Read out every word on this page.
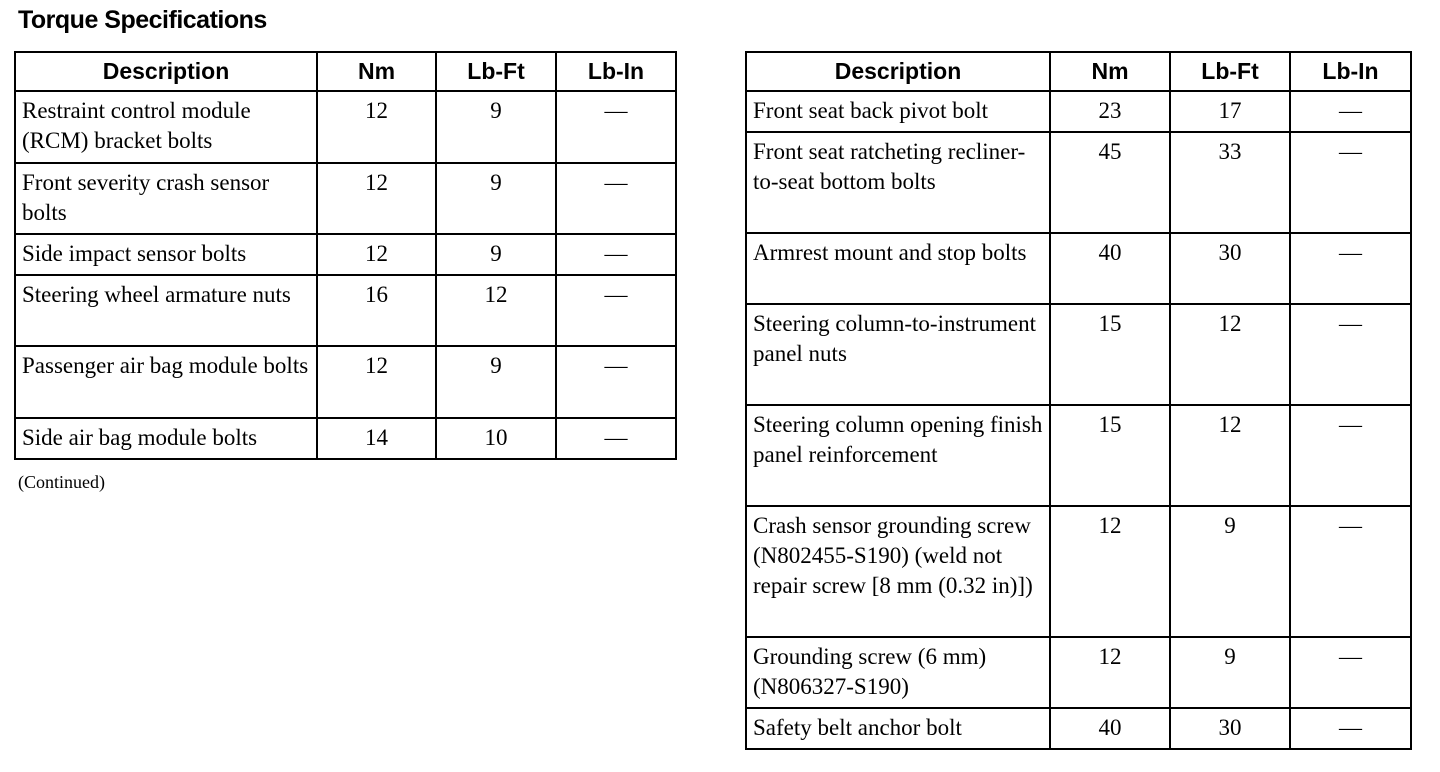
Torque Specifications
Description	Nm	Lb-Ft	Lb-In
Restraint control module (RCM) bracket bolts	12	9	—
Front severity crash sensor bolts	12	9	—
Side impact sensor bolts	12	9	—
Steering wheel armature nuts	16	12	—
Passenger air bag module bolts	12	9	—
Side air bag module bolts	14	10	—
(Continued)
Description	Nm	Lb-Ft	Lb-In
Front seat back pivot bolt	23	17	—
Front seat ratcheting recliner-to-seat bottom bolts	45	33	—
Armrest mount and stop bolts	40	30	—
Steering column-to-instrument panel nuts	15	12	—
Steering column opening finish panel reinforcement	15	12	—
Crash sensor grounding screw (N802455-S190) (weld not repair screw [8 mm (0.32 in)])	12	9	—
Grounding screw (6 mm) (N806327-S190)	12	9	—
Safety belt anchor bolt	40	30	—
